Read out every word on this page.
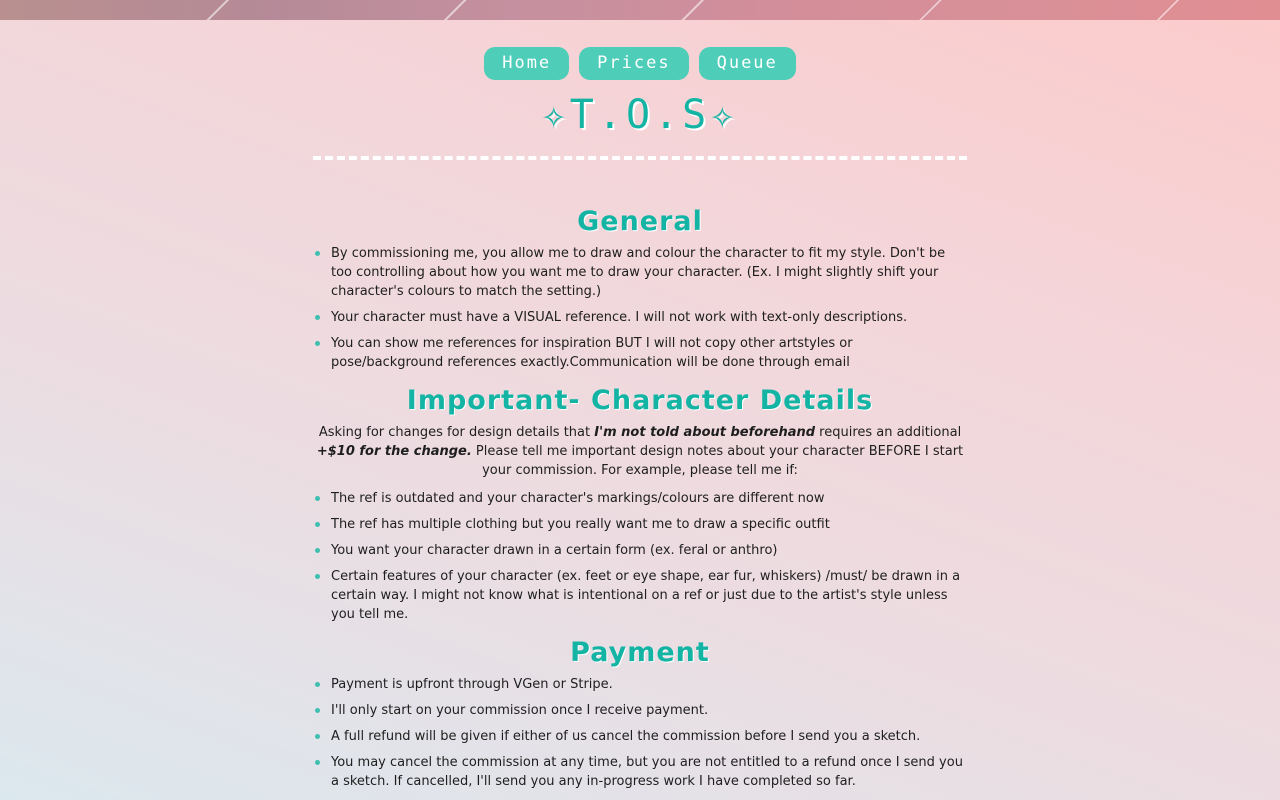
Home	Prices	Queue
✧T.O.S✧
General
By commissioning me, you allow me to draw and colour the character to fit my style. Don't be too controlling about how you want me to draw your character. (Ex. I might slightly shift your character's colours to match the setting.)
Your character must have a VISUAL reference. I will not work with text-only descriptions.
You can show me references for inspiration BUT I will not copy other artstyles or pose/background references exactly.Communication will be done through email
Important- Character Details

Asking for changes for design details that I'm not told about beforehand requires an additional +$10 for the change. Please tell me important design notes about your character BEFORE I start your commission. For example, please tell me if:

The ref is outdated and your character's markings/colours are different now
The ref has multiple clothing but you really want me to draw a specific outfit
You want your character drawn in a certain form (ex. feral or anthro)
Certain features of your character (ex. feet or eye shape, ear fur, whiskers) /must/ be drawn in a certain way. I might not know what is intentional on a ref or just due to the artist's style unless you tell me.
Payment
Payment is upfront through VGen or Stripe.
I'll only start on your commission once I receive payment.
A full refund will be given if either of us cancel the commission before I send you a sketch.
You may cancel the commission at any time, but you are not entitled to a refund once I send you a sketch. If cancelled, I'll send you any in-progress work I have completed so far.
